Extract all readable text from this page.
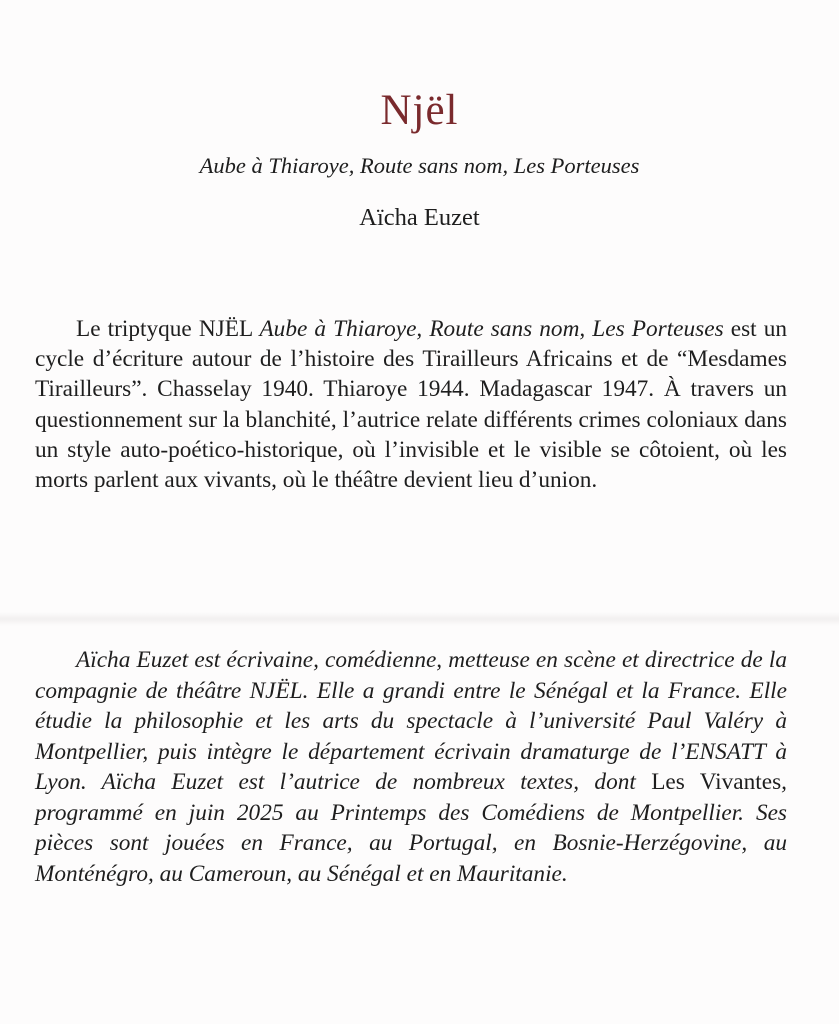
Njël

Aube à Thiaroye, Route sans nom, Les Porteuses

Aïcha Euzet

Le triptyque NJËL Aube à Thiaroye, Route sans nom, Les Porteuses est un cycle d’écriture autour de l’histoire des Tirailleurs Africains et de “Mesdames Tirailleurs”. Chasselay 1940. Thiaroye 1944. Madagascar 1947. À travers un questionnement sur la blanchité, l’autrice relate différents crimes coloniaux dans un style auto-poético-historique, où l’invisible et le visible se côtoient, où les morts parlent aux vivants, où le théâtre devient lieu d’union.

Aïcha Euzet est écrivaine, comédienne, metteuse en scène et directrice de la compagnie de théâtre NJËL. Elle a grandi entre le Sénégal et la France. Elle étudie la philosophie et les arts du spectacle à l’université Paul Valéry à Montpellier, puis intègre le département écrivain dramaturge de l’ENSATT à Lyon. Aïcha Euzet est l’autrice de nombreux textes, dont Les Vivantes, programmé en juin 2025 au Printemps des Comédiens de Montpellier. Ses pièces sont jouées en France, au Portugal, en Bosnie-Herzégovine, au Monténégro, au Cameroun, au Sénégal et en Mauritanie.
